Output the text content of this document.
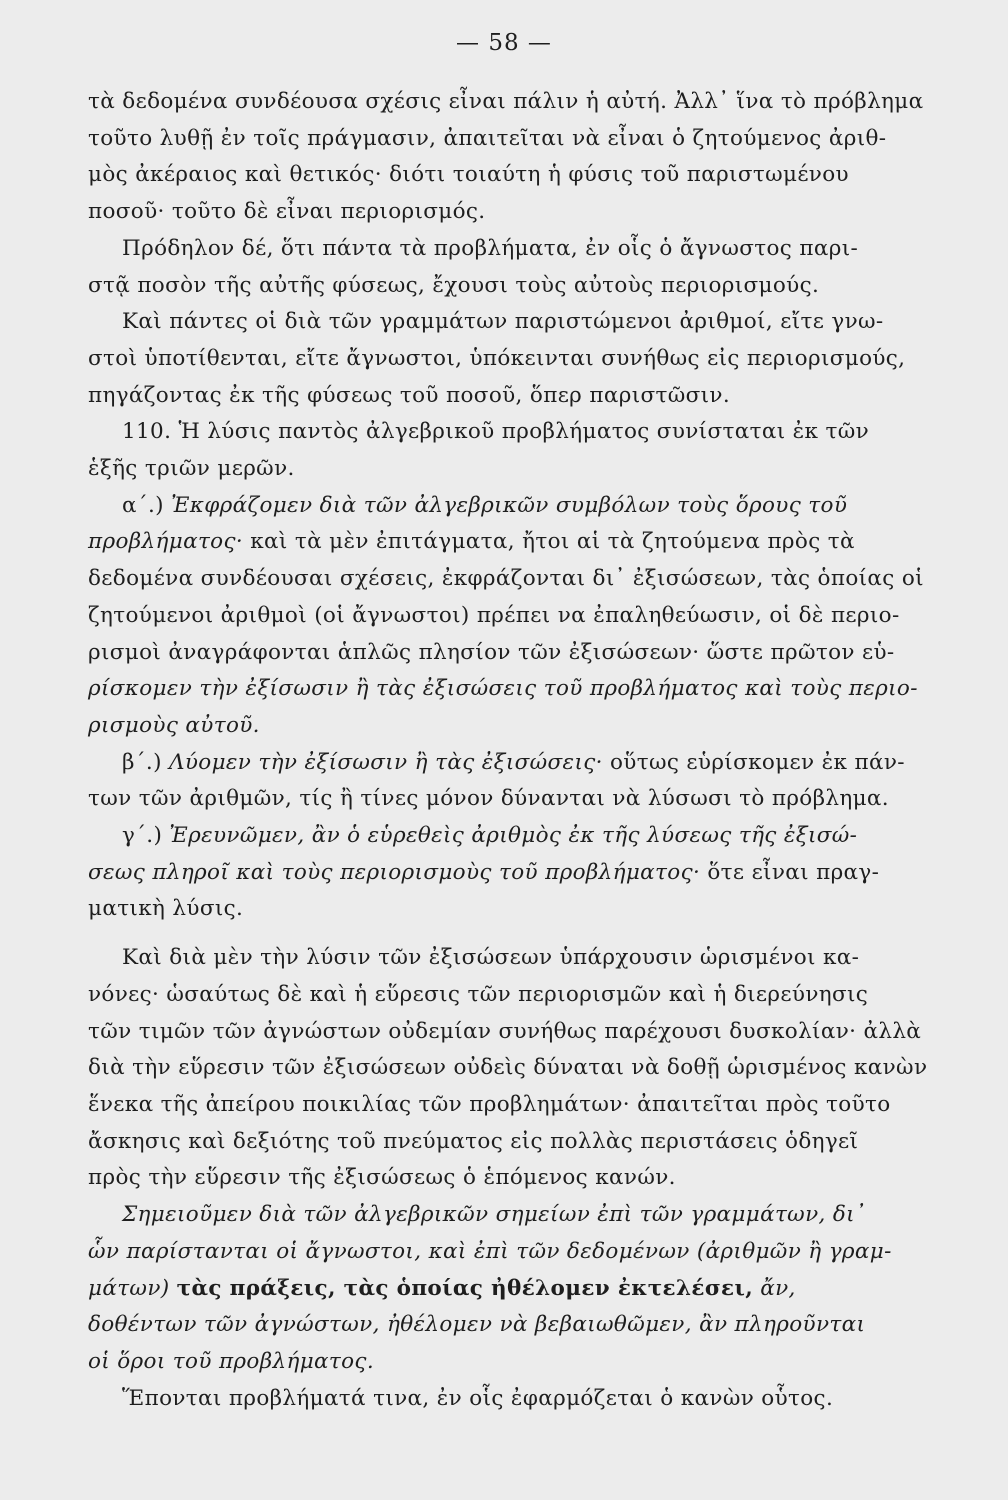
— 58 —
τὰ δεδομένα συνδέουσα σχέσις εἶναι πάλιν ἡ αὐτή. Ἀλλ᾽ ἵνα τὸ πρόβλημα
τοῦτο λυθῇ ἐν τοῖς πράγμασιν, ἀπαιτεῖται νὰ εἶναι ὁ ζητούμενος ἀριθ-
μὸς ἀκέραιος καὶ θετικός· διότι τοιαύτη ἡ φύσις τοῦ παριστωμένου
ποσοῦ· τοῦτο δὲ εἶναι περιορισμός.
Πρόδηλον δέ, ὅτι πάντα τὰ προβλήματα, ἐν οἷς ὁ ἄγνωστος παρι-
στᾷ ποσὸν τῆς αὐτῆς φύσεως, ἔχουσι τοὺς αὐτοὺς περιορισμούς.
Καὶ πάντες οἱ διὰ τῶν γραμμάτων παριστώμενοι ἀριθμοί, εἴτε γνω-
στοὶ ὑποτίθενται, εἴτε ἄγνωστοι, ὑπόκεινται συνήθως εἰς περιορισμούς,
πηγάζοντας ἐκ τῆς φύσεως τοῦ ποσοῦ, ὅπερ παριστῶσιν.
110. Ἡ λύσις παντὸς ἀλγεβρικοῦ προβλήματος συνίσταται ἐκ τῶν
ἑξῆς τριῶν μερῶν.
α΄.) Ἐκφράζομεν διὰ τῶν ἀλγεβρικῶν συμβόλων τοὺς ὅρους τοῦ
προβλήματος· καὶ τὰ μὲν ἐπιτάγματα, ἤτοι αἱ τὰ ζητούμενα πρὸς τὰ
δεδομένα συνδέουσαι σχέσεις, ἐκφράζονται δι᾽ ἐξισώσεων, τὰς ὁποίας οἱ
ζητούμενοι ἀριθμοὶ (οἱ ἄγνωστοι) πρέπει να ἐπαληθεύωσιν, οἱ δὲ περιο-
ρισμοὶ ἀναγράφονται ἁπλῶς πλησίον τῶν ἐξισώσεων· ὥστε πρῶτον εὑ-
ρίσκομεν τὴν ἐξίσωσιν ἢ τὰς ἐξισώσεις τοῦ προβλήματος καὶ τοὺς περιο-
ρισμοὺς αὐτοῦ.
β΄.) Λύομεν τὴν ἐξίσωσιν ἢ τὰς ἐξισώσεις· οὕτως εὑρίσκομεν ἐκ πάν-
των τῶν ἀριθμῶν, τίς ἢ τίνες μόνον δύνανται νὰ λύσωσι τὸ πρόβλημα.
γ΄.) Ἐρευνῶμεν, ἂν ὁ εὑρεθεὶς ἀριθμὸς ἐκ τῆς λύσεως τῆς ἐξισώ-
σεως πληροῖ καὶ τοὺς περιορισμοὺς τοῦ προβλήματος· ὅτε εἶναι πραγ-
ματικὴ λύσις.
Καὶ διὰ μὲν τὴν λύσιν τῶν ἐξισώσεων ὑπάρχουσιν ὡρισμένοι κα-
νόνες· ὡσαύτως δὲ καὶ ἡ εὕρεσις τῶν περιορισμῶν καὶ ἡ διερεύνησις
τῶν τιμῶν τῶν ἀγνώστων οὐδεμίαν συνήθως παρέχουσι δυσκολίαν· ἀλλὰ
διὰ τὴν εὕρεσιν τῶν ἐξισώσεων οὐδεὶς δύναται νὰ δοθῇ ὡρισμένος κανὼν
ἕνεκα τῆς ἀπείρου ποικιλίας τῶν προβλημάτων· ἀπαιτεῖται πρὸς τοῦτο
ἄσκησις καὶ δεξιότης τοῦ πνεύματος εἰς πολλὰς περιστάσεις ὁδηγεῖ
πρὸς τὴν εὕρεσιν τῆς ἐξισώσεως ὁ ἑπόμενος κανών.
Σημειοῦμεν διὰ τῶν ἀλγεβρικῶν σημείων ἐπὶ τῶν γραμμάτων, δι᾽
ὧν παρίστανται οἱ ἄγνωστοι, καὶ ἐπὶ τῶν δεδομένων (ἀριθμῶν ἢ γραμ-
μάτων) τὰς πράξεις, τὰς ὁποίας ἠθέλομεν ἐκτελέσει, ἄν,
δοθέντων τῶν ἀγνώστων, ἠθέλομεν νὰ βεβαιωθῶμεν, ἂν πληροῦνται
οἱ ὅροι τοῦ προβλήματος.
Ἕπονται προβλήματά τινα, ἐν οἷς ἐφαρμόζεται ὁ κανὼν οὗτος.
